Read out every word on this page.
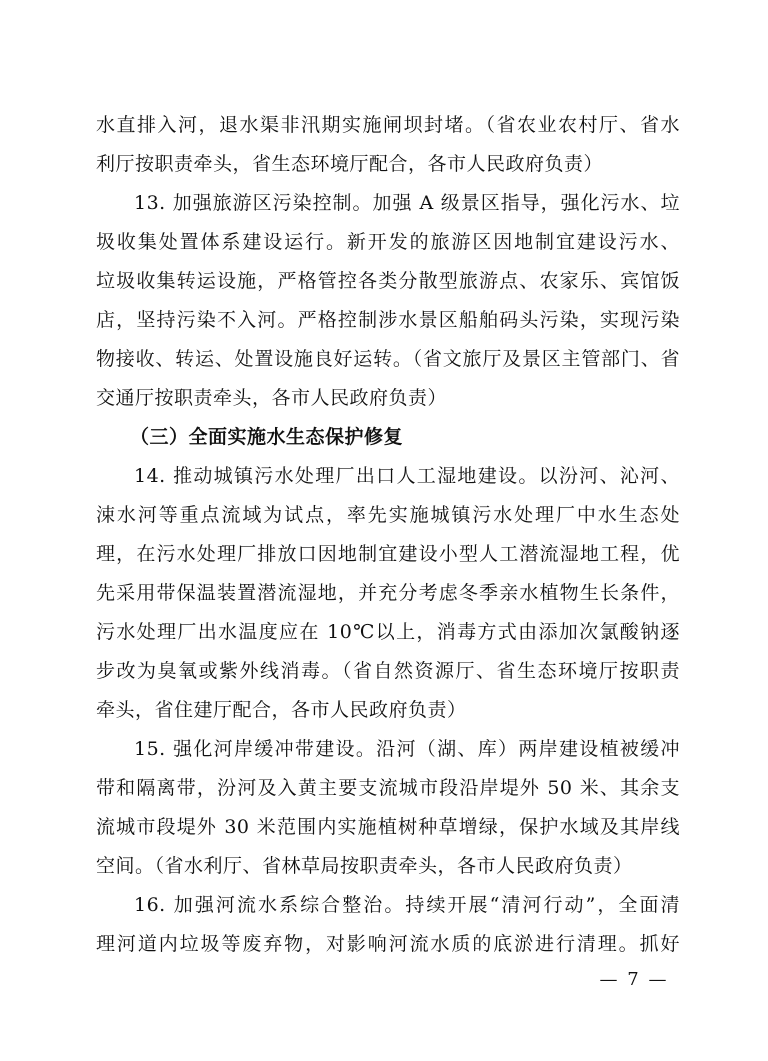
水直排入河，退水渠非汛期实施闸坝封堵。（省农业农村厅、省水
利厅按职责牵头，省生态环境厅配合，各市人民政府负责）
13. 加强旅游区污染控制。加强 A 级景区指导，强化污水、垃
圾收集处置体系建设运行。新开发的旅游区因地制宜建设污水、
垃圾收集转运设施，严格管控各类分散型旅游点、农家乐、宾馆饭
店，坚持污染不入河。严格控制涉水景区船舶码头污染，实现污染
物接收、转运、处置设施良好运转。（省文旅厅及景区主管部门、省
交通厅按职责牵头，各市人民政府负责）
（三）全面实施水生态保护修复
14. 推动城镇污水处理厂出口人工湿地建设。以汾河、沁河、
涑水河等重点流域为试点，率先实施城镇污水处理厂中水生态处
理，在污水处理厂排放口因地制宜建设小型人工潜流湿地工程，优
先采用带保温装置潜流湿地，并充分考虑冬季亲水植物生长条件，
污水处理厂出水温度应在 10℃以上，消毒方式由添加次氯酸钠逐
步改为臭氧或紫外线消毒。（省自然资源厅、省生态环境厅按职责
牵头，省住建厅配合，各市人民政府负责）
15. 强化河岸缓冲带建设。沿河（湖、库）两岸建设植被缓冲
带和隔离带，汾河及入黄主要支流城市段沿岸堤外 50 米、其余支
流城市段堤外 30 米范围内实施植树种草增绿，保护水域及其岸线
空间。（省水利厅、省林草局按职责牵头，各市人民政府负责）
16. 加强河流水系综合整治。持续开展“清河行动”，全面清
理河道内垃圾等废弃物，对影响河流水质的底淤进行清理。抓好
— 7 —
